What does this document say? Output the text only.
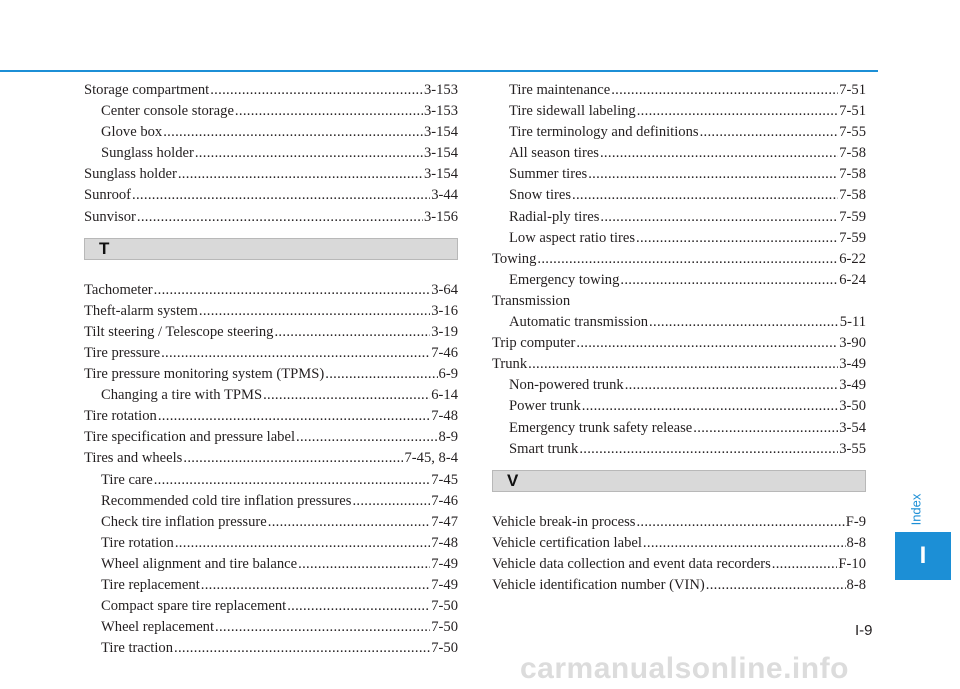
Storage compartment .....	3-153
Center console storage .....	3-153
Glove box .....	3-154
Sunglass holder .....	3-154
Sunglass holder .....	3-154
Sunroof .....	3-44
Sunvisor .....	3-156
T
Tachometer .....	3-64
Theft-alarm system .....	3-16
Tilt steering / Telescope steering .....	3-19
Tire pressure .....	7-46
Tire pressure monitoring system (TPMS) .....	6-9
Changing a tire with TPMS .....	6-14
Tire rotation .....	7-48
Tire specification and pressure label .....	8-9
Tires and wheels .....	7-45, 8-4
Tire care .....	7-45
Recommended cold tire inflation pressures .....	7-46
Check tire inflation pressure .....	7-47
Tire rotation .....	7-48
Wheel alignment and tire balance .....	7-49
Tire replacement .....	7-49
Compact spare tire replacement .....	7-50
Wheel replacement .....	7-50
Tire traction .....	7-50
Tire maintenance .....	7-51
Tire sidewall labeling .....	7-51
Tire terminology and definitions .....	7-55
All season tires .....	7-58
Summer tires .....	7-58
Snow tires .....	7-58
Radial-ply tires .....	7-59
Low aspect ratio tires .....	7-59
Towing .....	6-22
Emergency towing .....	6-24
Transmission
Automatic transmission .....	5-11
Trip computer .....	3-90
Trunk .....	3-49
Non-powered trunk .....	3-49
Power trunk .....	3-50
Emergency trunk safety release .....	3-54
Smart trunk .....	3-55
V
Vehicle break-in process .....	F-9
Vehicle certification label .....	8-8
Vehicle data collection and event data recorders .....	F-10
Vehicle identification number (VIN) .....	8-8
Index
I
I-9
carmanualsonline.info
